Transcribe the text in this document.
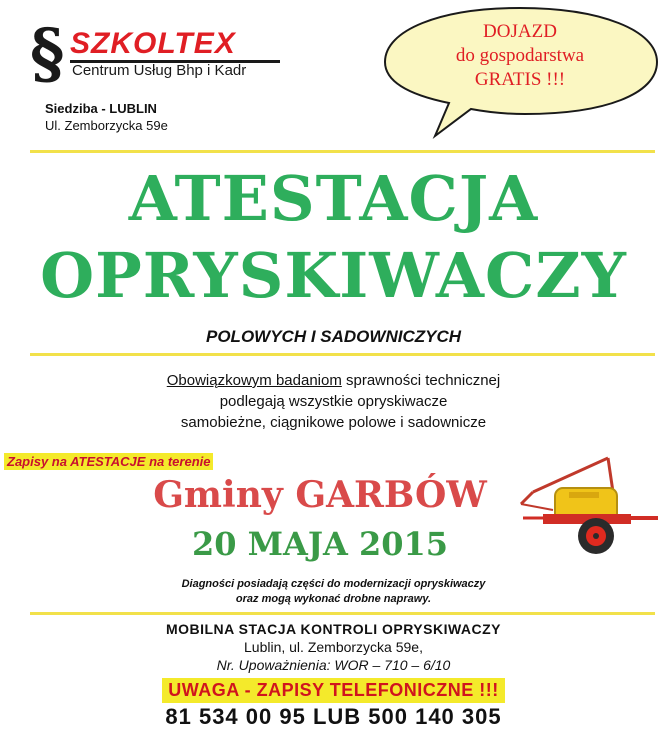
§ SZKOLTEX
Centrum Usług Bhp i Kadr
Siedziba - LUBLIN
Ul. Zemborzycka 59e
DOJAZD
do gospodarstwa
GRATIS !!!
ATESTACJA
OPRYSKIWACZY
POLOWYCH I SADOWNICZYCH
Obowiązkowym badaniom sprawności technicznej
podlegają wszystkie opryskiwacze
samobieżne, ciągnikowe polowe i sadownicze
Zapisy na ATESTACJE na terenie
Gminy GARBÓW
20 MAJA 2015
Diagności posiadają części do modernizacji opryskiwaczy
oraz mogą wykonać drobne naprawy.
MOBILNA STACJA KONTROLI OPRYSKIWACZY
Lublin, ul. Zemborzycka 59e,
Nr. Upoważnienia: WOR – 710 – 6/10
UWAGA - ZAPISY TELEFONICZNE !!!
81 534 00 95 LUB 500 140 305
